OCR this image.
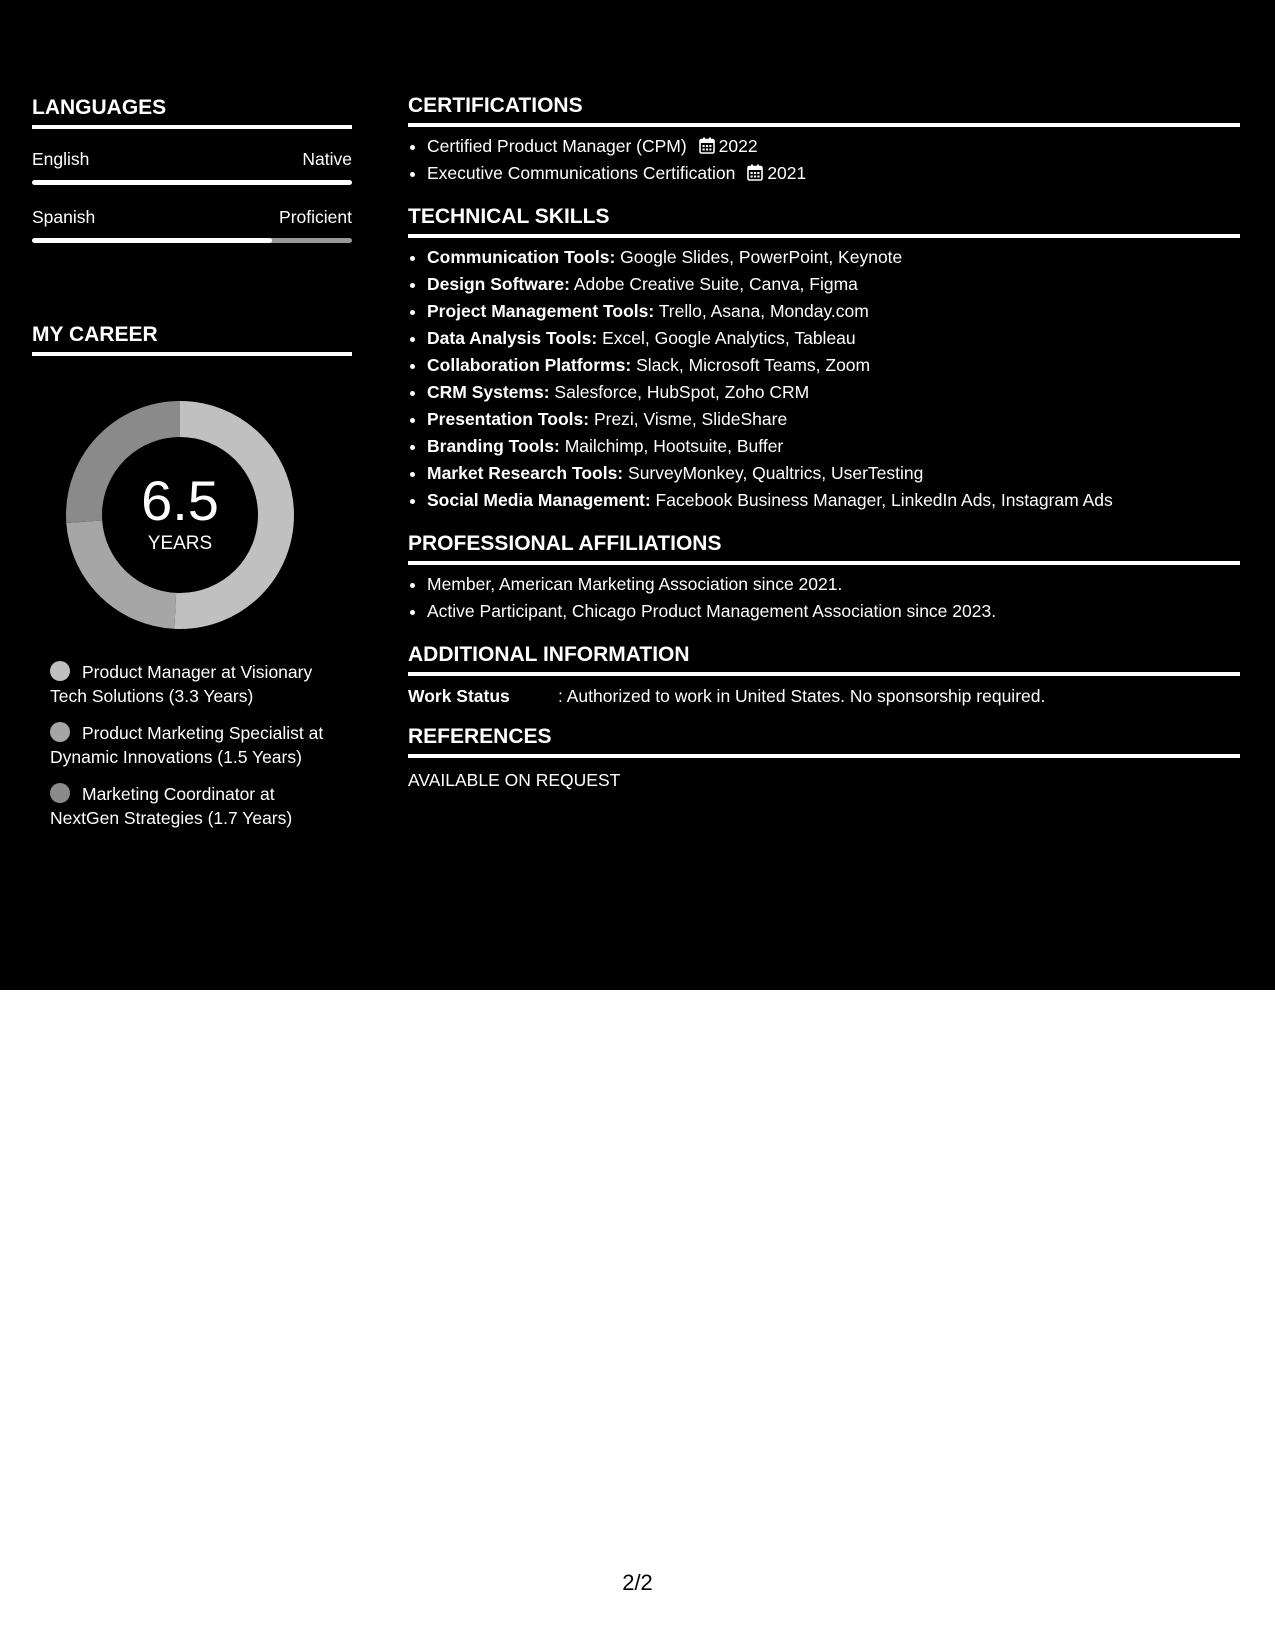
LANGUAGES
English	Native
Spanish	Proficient
MY CAREER
6.5
YEARS
Product Manager at Visionary Tech Solutions (3.3 Years)
Product Marketing Specialist at Dynamic Innovations (1.5 Years)
Marketing Coordinator at NextGen Strategies (1.7 Years)
CERTIFICATIONS
• Certified Product Manager (CPM) 2022
• Executive Communications Certification 2021
TECHNICAL SKILLS
• Communication Tools: Google Slides, PowerPoint, Keynote
• Design Software: Adobe Creative Suite, Canva, Figma
• Project Management Tools: Trello, Asana, Monday.com
• Data Analysis Tools: Excel, Google Analytics, Tableau
• Collaboration Platforms: Slack, Microsoft Teams, Zoom
• CRM Systems: Salesforce, HubSpot, Zoho CRM
• Presentation Tools: Prezi, Visme, SlideShare
• Branding Tools: Mailchimp, Hootsuite, Buffer
• Market Research Tools: SurveyMonkey, Qualtrics, UserTesting
• Social Media Management: Facebook Business Manager, LinkedIn Ads, Instagram Ads
PROFESSIONAL AFFILIATIONS
• Member, American Marketing Association since 2021.
• Active Participant, Chicago Product Management Association since 2023.
ADDITIONAL INFORMATION
Work Status	: Authorized to work in United States. No sponsorship required.
REFERENCES
AVAILABLE ON REQUEST
2/2
